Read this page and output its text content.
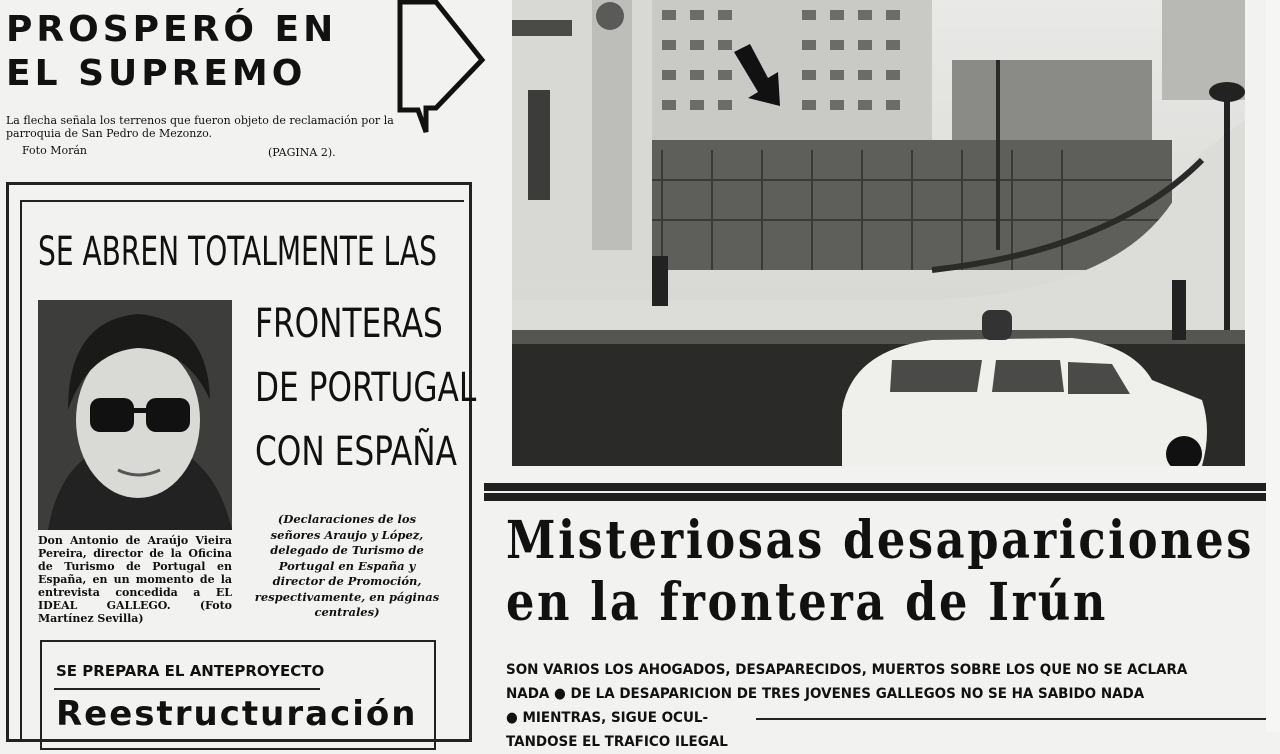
PROSPERÓ EN
EL SUPREMO
La flecha señala los terrenos que fueron objeto de reclamación por la parroquia de San Pedro de Mezonzo.
Foto Morán	(PAGINA 2).
SE ABREN TOTALMENTE LAS
FRONTERAS
DE PORTUGAL
CON ESPAÑA
Don Antonio de Araújo Vieira Pereira, director de la Oficina de Turismo de Portugal en España, en un momento de la entrevista concedida a EL IDEAL GALLEGO. (Foto Martínez Sevilla)
(Declaraciones de los señores Araujo y López, delegado de Turismo de Portugal en España y director de Promoción, respectivamente, en páginas centrales)
SE PREPARA EL ANTEPROYECTO
Reestructuración
Misteriosas desapariciones
en la frontera de Irún
SON VARIOS LOS AHOGADOS, DESAPARECIDOS, MUERTOS SOBRE LOS QUE NO SE ACLARA
NADA ● DE LA DESAPARICION DE TRES JOVENES GALLEGOS NO SE HA SABIDO NADA
● MIENTRAS, SIGUE OCUL-
TANDOSE EL TRAFICO ILEGAL
